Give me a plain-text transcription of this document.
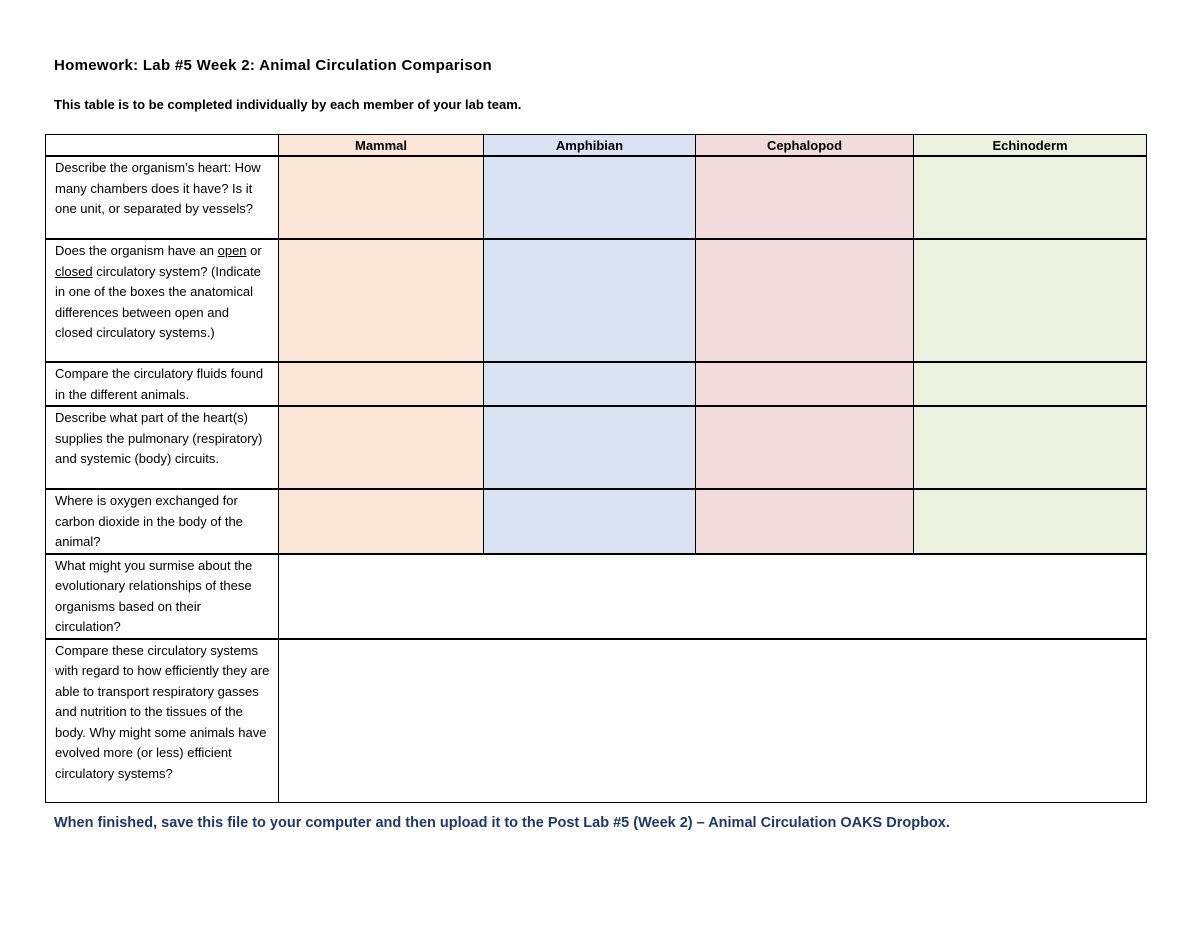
Homework: Lab #5 Week 2: Animal Circulation Comparison
This table is to be completed individually by each member of your lab team.
	Mammal	Amphibian	Cephalopod	Echinoderm
Describe the organism’s heart: How many chambers does it have? Is it one unit, or separated by vessels?				
Does the organism have an open or closed circulatory system? (Indicate in one of the boxes the anatomical differences between open and closed circulatory systems.)				
Compare the circulatory fluids found in the different animals.				
Describe what part of the heart(s) supplies the pulmonary (respiratory) and systemic (body) circuits.				
Where is oxygen exchanged for carbon dioxide in the body of the animal?				
What might you surmise about the evolutionary relationships of these organisms based on their circulation?				
Compare these circulatory systems with regard to how efficiently they are able to transport respiratory gasses and nutrition to the tissues of the body. Why might some animals have evolved more (or less) efficient circulatory systems?				
When finished, save this file to your computer and then upload it to the Post Lab #5 (Week 2) – Animal Circulation OAKS Dropbox.
